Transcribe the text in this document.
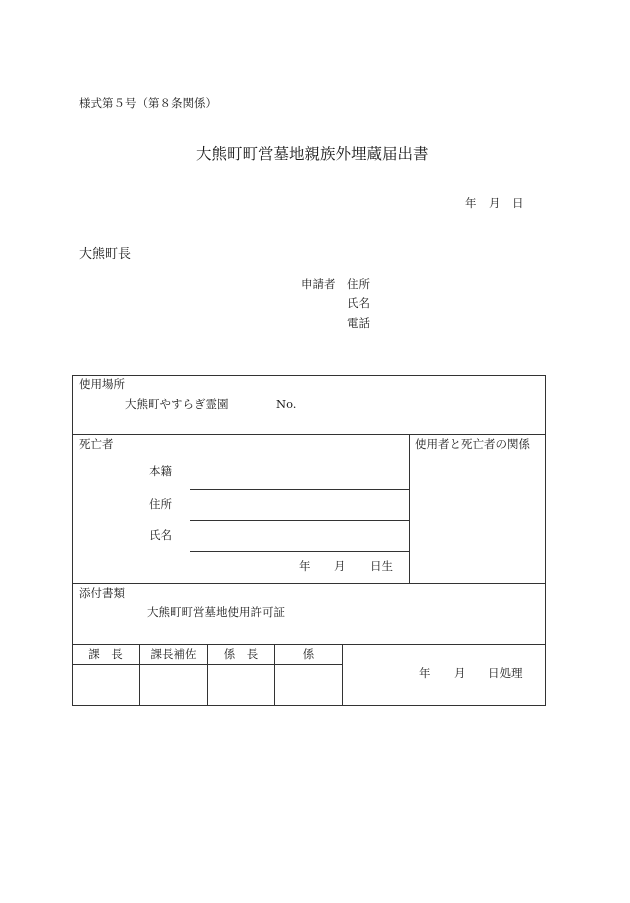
様式第５号（第８条関係）
大熊町町営墓地親族外埋蔵届出書
年 月 日
大熊町長
申請者 住所
氏名
電話
使用場所
大熊町やすらぎ霊園	No.
死亡者	使用者と死亡者の関係
本籍
住所
氏名
年 月 日生
添付書類
大熊町町営墓地使用許可証
課　長	課長補佐	係　長	係
年 月 日処理
